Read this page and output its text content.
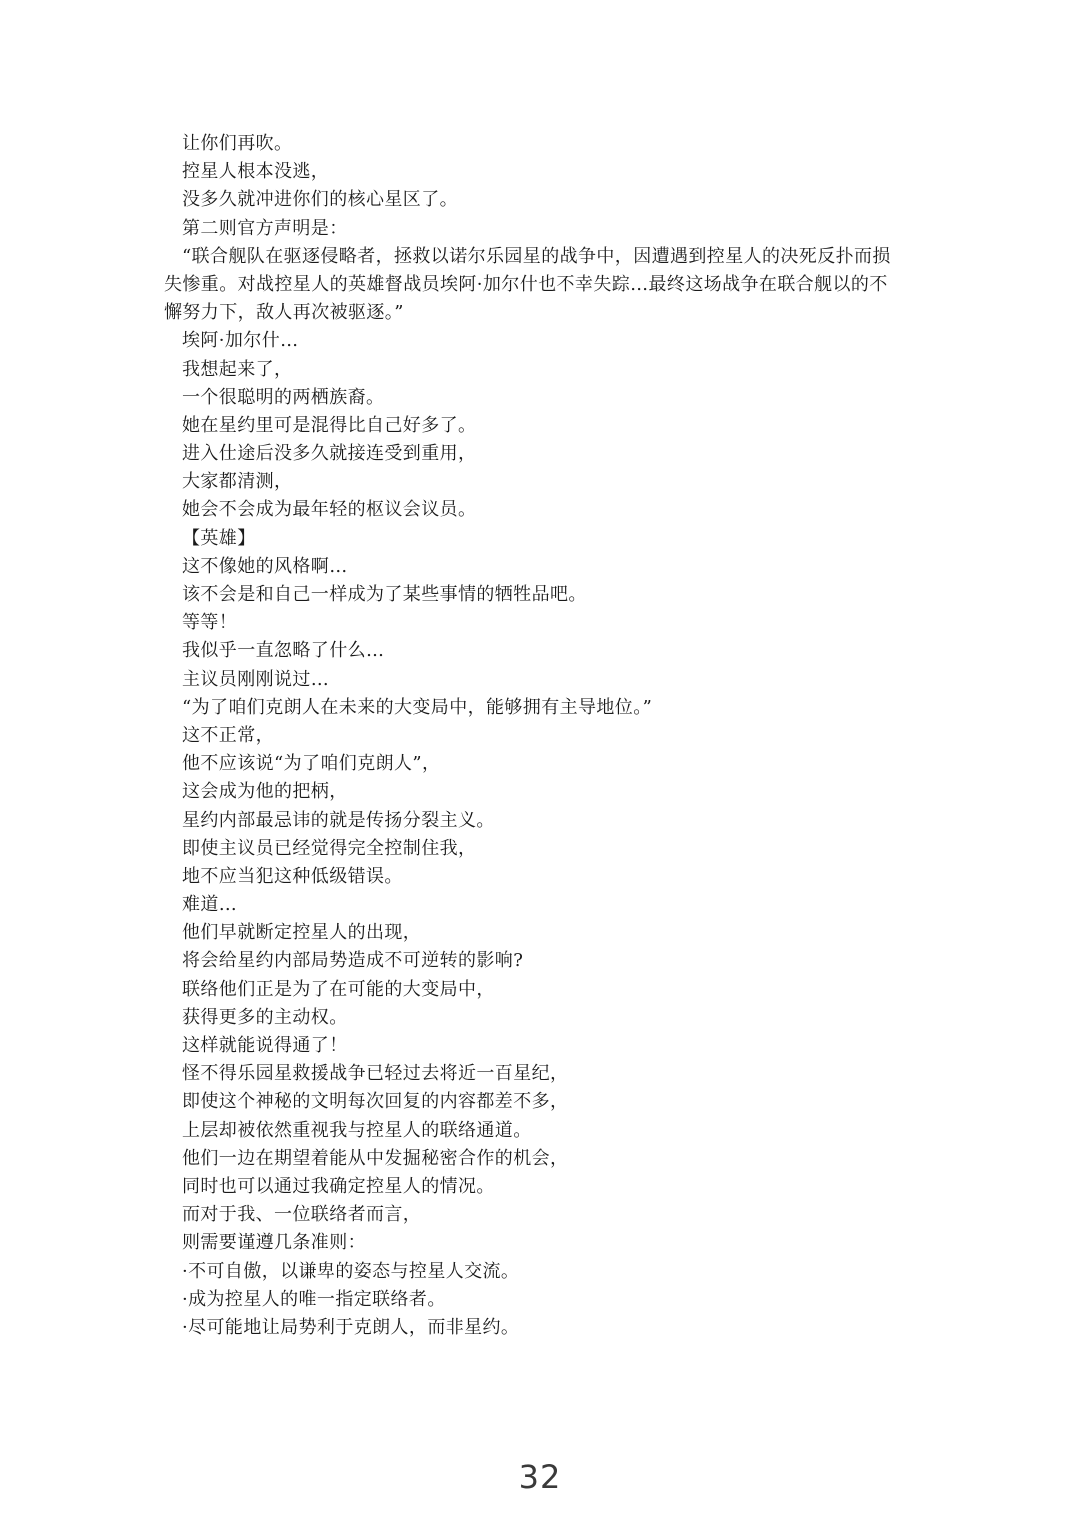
让你们再吹。
控星人根本没逃，
没多久就冲进你们的核心星区了。
第二则官方声明是：
“联合舰队在驱逐侵略者，拯救以诺尔乐园星的战争中，因遭遇到控星人的决死反扑而损
失惨重。对战控星人的英雄督战员埃阿·加尔什也不幸失踪…最终这场战争在联合舰以的不
懈努力下，敌人再次被驱逐。”
埃阿·加尔什…
我想起来了，
一个很聪明的两栖族裔。
她在星约里可是混得比自己好多了。
进入仕途后没多久就接连受到重用，
大家都清测，
她会不会成为最年轻的枢议会议员。
【英雄】
这不像她的风格啊…
该不会是和自己一样成为了某些事情的牺牲品吧。
等等！
我似乎一直忽略了什么…
主议员刚刚说过…
“为了咱们克朗人在未来的大变局中，能够拥有主导地位。”
这不正常，
他不应该说“为了咱们克朗人”，
这会成为他的把柄，
星约内部最忌讳的就是传扬分裂主义。
即使主议员已经觉得完全控制住我，
地不应当犯这种低级错误。
难道…
他们早就断定控星人的出现，
将会给星约内部局势造成不可逆转的影响?
联络他们正是为了在可能的大变局中，
获得更多的主动权。
这样就能说得通了！
怪不得乐园星救援战争已轻过去将近一百星纪，
即使这个神秘的文明每次回复的内容都差不多，
上层却被依然重视我与控星人的联络通道。
他们一边在期望着能从中发掘秘密合作的机会，
同时也可以通过我确定控星人的情况。
而对于我、一位联络者而言，
则需要谨遵几条准则：
·不可自傲，以谦卑的姿态与控星人交流。
·成为控星人的唯一指定联络者。
·尽可能地让局势利于克朗人，而非星约。
32
